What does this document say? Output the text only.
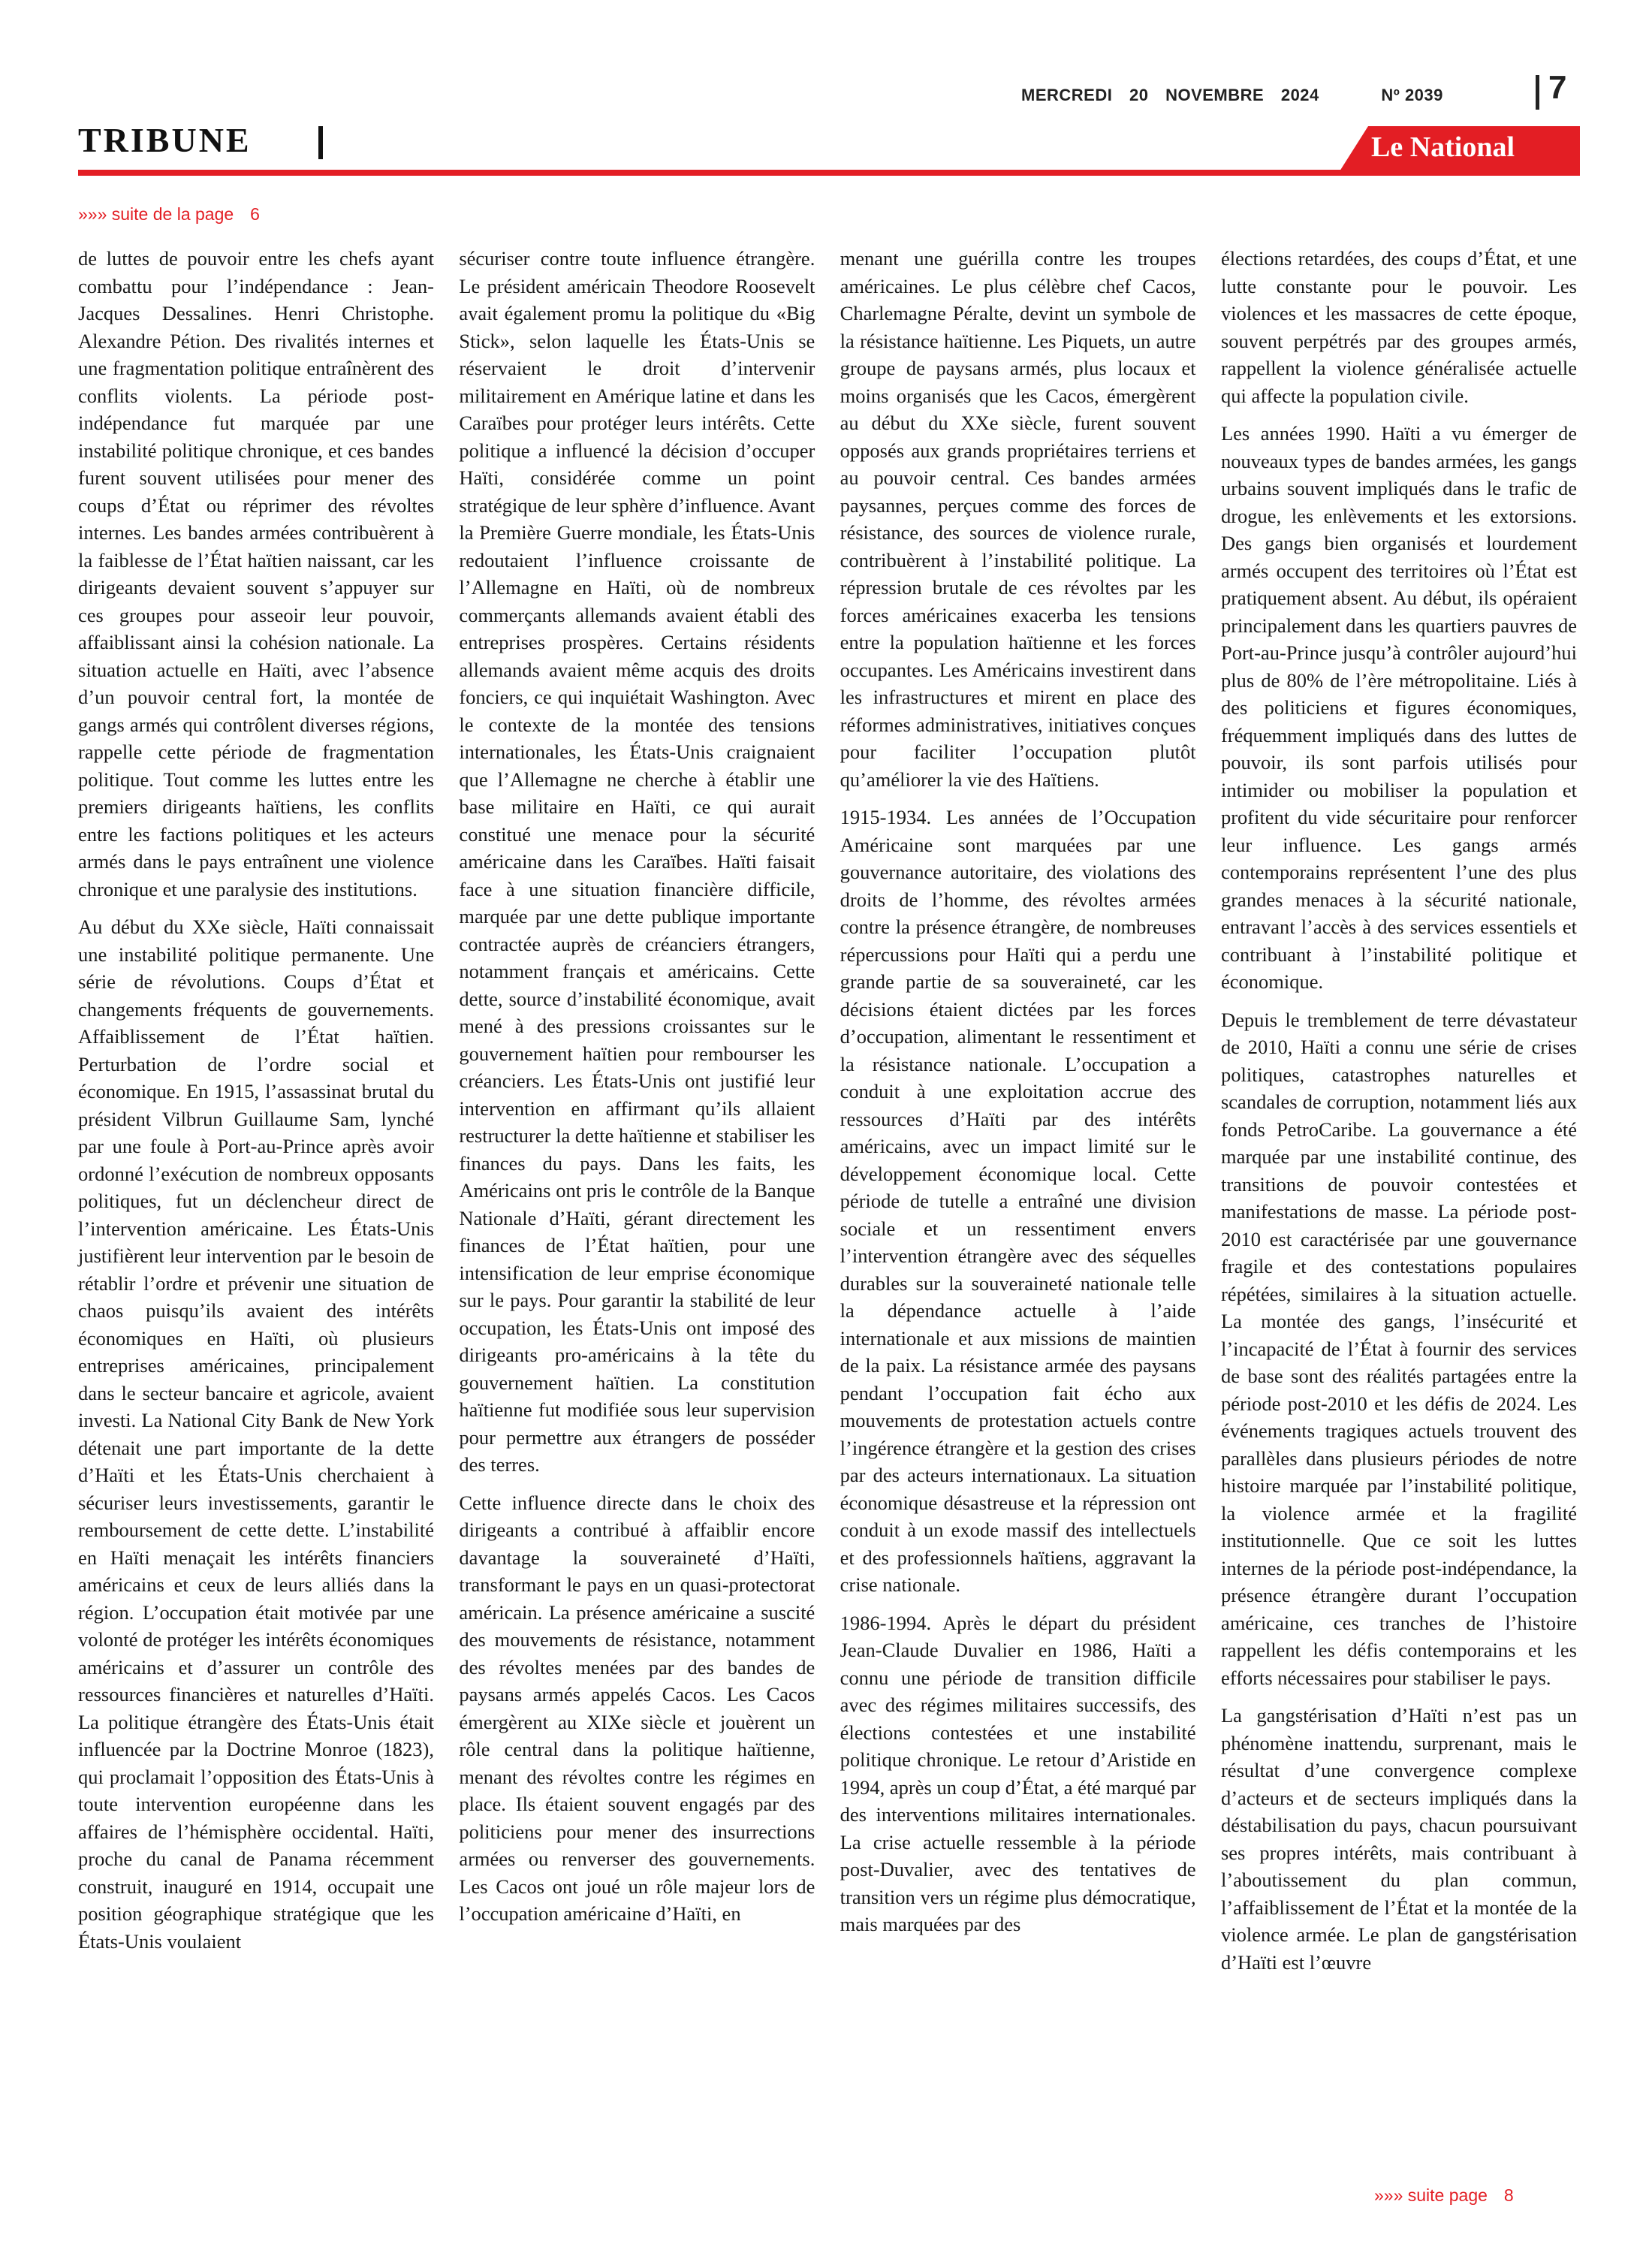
MERCREDI 20 NOVEMBRE 2024	Nº 2039	7
TRIBUNE	Le National
»»» suite de la page 6

de luttes de pouvoir entre les chefs ayant combattu pour l’indépendance : Jean-Jacques Dessalines. Henri Christophe. Alexandre Pétion. Des rivalités internes et une fragmentation politique entraînèrent des conflits violents. La période post-indépendance fut marquée par une instabilité politique chronique, et ces bandes furent souvent utilisées pour mener des coups d’État ou réprimer des révoltes internes. Les bandes armées contribuèrent à la faiblesse de l’État haïtien naissant, car les dirigeants devaient souvent s’appuyer sur ces groupes pour asseoir leur pouvoir, affaiblissant ainsi la cohésion nationale. La situation actuelle en Haïti, avec l’absence d’un pouvoir central fort, la montée de gangs armés qui contrôlent diverses régions, rappelle cette période de fragmentation politique. Tout comme les luttes entre les premiers dirigeants haïtiens, les conflits entre les factions politiques et les acteurs armés dans le pays entraînent une violence chronique et une paralysie des institutions.

Au début du XXe siècle, Haïti connaissait une instabilité politique permanente. Une série de révolutions. Coups d’État et changements fréquents de gouvernements. Affaiblissement de l’État haïtien. Perturbation de l’ordre social et économique. En 1915, l’assassinat brutal du président Vilbrun Guillaume Sam, lynché par une foule à Port-au-Prince après avoir ordonné l’exécution de nombreux opposants politiques, fut un déclencheur direct de l’intervention américaine. Les États-Unis justifièrent leur intervention par le besoin de rétablir l’ordre et prévenir une situation de chaos puisqu’ils avaient des intérêts économiques en Haïti, où plusieurs entreprises américaines, principalement dans le secteur bancaire et agricole, avaient investi. La National City Bank de New York détenait une part importante de la dette d’Haïti et les États-Unis cherchaient à sécuriser leurs investissements, garantir le remboursement de cette dette. L’instabilité en Haïti menaçait les intérêts financiers américains et ceux de leurs alliés dans la région. L’occupation était motivée par une volonté de protéger les intérêts économiques américains et d’assurer un contrôle des ressources financières et naturelles d’Haïti. La politique étrangère des États-Unis était influencée par la Doctrine Monroe (1823), qui proclamait l’opposition des États-Unis à toute intervention européenne dans les affaires de l’hémisphère occidental. Haïti, proche du canal de Panama récemment construit, inauguré en 1914, occupait une position géographique stratégique que les États-Unis voulaient

sécuriser contre toute influence étrangère. Le président américain Theodore Roosevelt avait également promu la politique du «Big Stick», selon laquelle les États-Unis se réservaient le droit d’intervenir militairement en Amérique latine et dans les Caraïbes pour protéger leurs intérêts. Cette politique a influencé la décision d’occuper Haïti, considérée comme un point stratégique de leur sphère d’influence. Avant la Première Guerre mondiale, les États-Unis redoutaient l’influence croissante de l’Allemagne en Haïti, où de nombreux commerçants allemands avaient établi des entreprises prospères. Certains résidents allemands avaient même acquis des droits fonciers, ce qui inquiétait Washington. Avec le contexte de la montée des tensions internationales, les États-Unis craignaient que l’Allemagne ne cherche à établir une base militaire en Haïti, ce qui aurait constitué une menace pour la sécurité américaine dans les Caraïbes. Haïti faisait face à une situation financière difficile, marquée par une dette publique importante contractée auprès de créanciers étrangers, notamment français et américains. Cette dette, source d’instabilité économique, avait mené à des pressions croissantes sur le gouvernement haïtien pour rembourser les créanciers. Les États-Unis ont justifié leur intervention en affirmant qu’ils allaient restructurer la dette haïtienne et stabiliser les finances du pays. Dans les faits, les Américains ont pris le contrôle de la Banque Nationale d’Haïti, gérant directement les finances de l’État haïtien, pour une intensification de leur emprise économique sur le pays. Pour garantir la stabilité de leur occupation, les États-Unis ont imposé des dirigeants pro-américains à la tête du gouvernement haïtien. La constitution haïtienne fut modifiée sous leur supervision pour permettre aux étrangers de posséder des terres.

Cette influence directe dans le choix des dirigeants a contribué à affaiblir encore davantage la souveraineté d’Haïti, transformant le pays en un quasi-protectorat américain. La présence américaine a suscité des mouvements de résistance, notamment des révoltes menées par des bandes de paysans armés appelés Cacos. Les Cacos émergèrent au XIXe siècle et jouèrent un rôle central dans la politique haïtienne, menant des révoltes contre les régimes en place. Ils étaient souvent engagés par des politiciens pour mener des insurrections armées ou renverser des gouvernements. Les Cacos ont joué un rôle majeur lors de l’occupation américaine d’Haïti, en

menant une guérilla contre les troupes américaines. Le plus célèbre chef Cacos, Charlemagne Péralte, devint un symbole de la résistance haïtienne. Les Piquets, un autre groupe de paysans armés, plus locaux et moins organisés que les Cacos, émergèrent au début du XXe siècle, furent souvent opposés aux grands propriétaires terriens et au pouvoir central. Ces bandes armées paysannes, perçues comme des forces de résistance, des sources de violence rurale, contribuèrent à l’instabilité politique. La répression brutale de ces révoltes par les forces américaines exacerba les tensions entre la population haïtienne et les forces occupantes. Les Américains investirent dans les infrastructures et mirent en place des réformes administratives, initiatives conçues pour faciliter l’occupation plutôt qu’améliorer la vie des Haïtiens.

1915-1934. Les années de l’Occupation Américaine sont marquées par une gouvernance autoritaire, des violations des droits de l’homme, des révoltes armées contre la présence étrangère, de nombreuses répercussions pour Haïti qui a perdu une grande partie de sa souveraineté, car les décisions étaient dictées par les forces d’occupation, alimentant le ressentiment et la résistance nationale. L’occupation a conduit à une exploitation accrue des ressources d’Haïti par des intérêts américains, avec un impact limité sur le développement économique local. Cette période de tutelle a entraîné une division sociale et un ressentiment envers l’intervention étrangère avec des séquelles durables sur la souveraineté nationale telle la dépendance actuelle à l’aide internationale et aux missions de maintien de la paix. La résistance armée des paysans pendant l’occupation fait écho aux mouvements de protestation actuels contre l’ingérence étrangère et la gestion des crises par des acteurs internationaux. La situation économique désastreuse et la répression ont conduit à un exode massif des intellectuels et des professionnels haïtiens, aggravant la crise nationale.

1986-1994. Après le départ du président Jean-Claude Duvalier en 1986, Haïti a connu une période de transition difficile avec des régimes militaires successifs, des élections contestées et une instabilité politique chronique. Le retour d’Aristide en 1994, après un coup d’État, a été marqué par des interventions militaires internationales. La crise actuelle ressemble à la période post-Duvalier, avec des tentatives de transition vers un régime plus démocratique, mais marquées par des

élections retardées, des coups d’État, et une lutte constante pour le pouvoir. Les violences et les massacres de cette époque, souvent perpétrés par des groupes armés, rappellent la violence généralisée actuelle qui affecte la population civile.

Les années 1990. Haïti a vu émerger de nouveaux types de bandes armées, les gangs urbains souvent impliqués dans le trafic de drogue, les enlèvements et les extorsions. Des gangs bien organisés et lourdement armés occupent des territoires où l’État est pratiquement absent. Au début, ils opéraient principalement dans les quartiers pauvres de Port-au-Prince jusqu’à contrôler aujourd’hui plus de 80% de l’ère métropolitaine. Liés à des politiciens et figures économiques, fréquemment impliqués dans des luttes de pouvoir, ils sont parfois utilisés pour intimider ou mobiliser la population et profitent du vide sécuritaire pour renforcer leur influence. Les gangs armés contemporains représentent l’une des plus grandes menaces à la sécurité nationale, entravant l’accès à des services essentiels et contribuant à l’instabilité politique et économique.

Depuis le tremblement de terre dévastateur de 2010, Haïti a connu une série de crises politiques, catastrophes naturelles et scandales de corruption, notamment liés aux fonds PetroCaribe. La gouvernance a été marquée par une instabilité continue, des transitions de pouvoir contestées et manifestations de masse. La période post-2010 est caractérisée par une gouvernance fragile et des contestations populaires répétées, similaires à la situation actuelle. La montée des gangs, l’insécurité et l’incapacité de l’État à fournir des services de base sont des réalités partagées entre la période post-2010 et les défis de 2024. Les événements tragiques actuels trouvent des parallèles dans plusieurs périodes de notre histoire marquée par l’instabilité politique, la violence armée et la fragilité institutionnelle. Que ce soit les luttes internes de la période post-indépendance, la présence étrangère durant l’occupation américaine, ces tranches de l’histoire rappellent les défis contemporains et les efforts nécessaires pour stabiliser le pays.

La gangstérisation d’Haïti n’est pas un phénomène inattendu, surprenant, mais le résultat d’une convergence complexe d’acteurs et de secteurs impliqués dans la déstabilisation du pays, chacun poursuivant ses propres intérêts, mais contribuant à l’aboutissement du plan commun, l’affaiblissement de l’État et la montée de la violence armée. Le plan de gangstérisation d’Haïti est l’œuvre

»»» suite page 8
